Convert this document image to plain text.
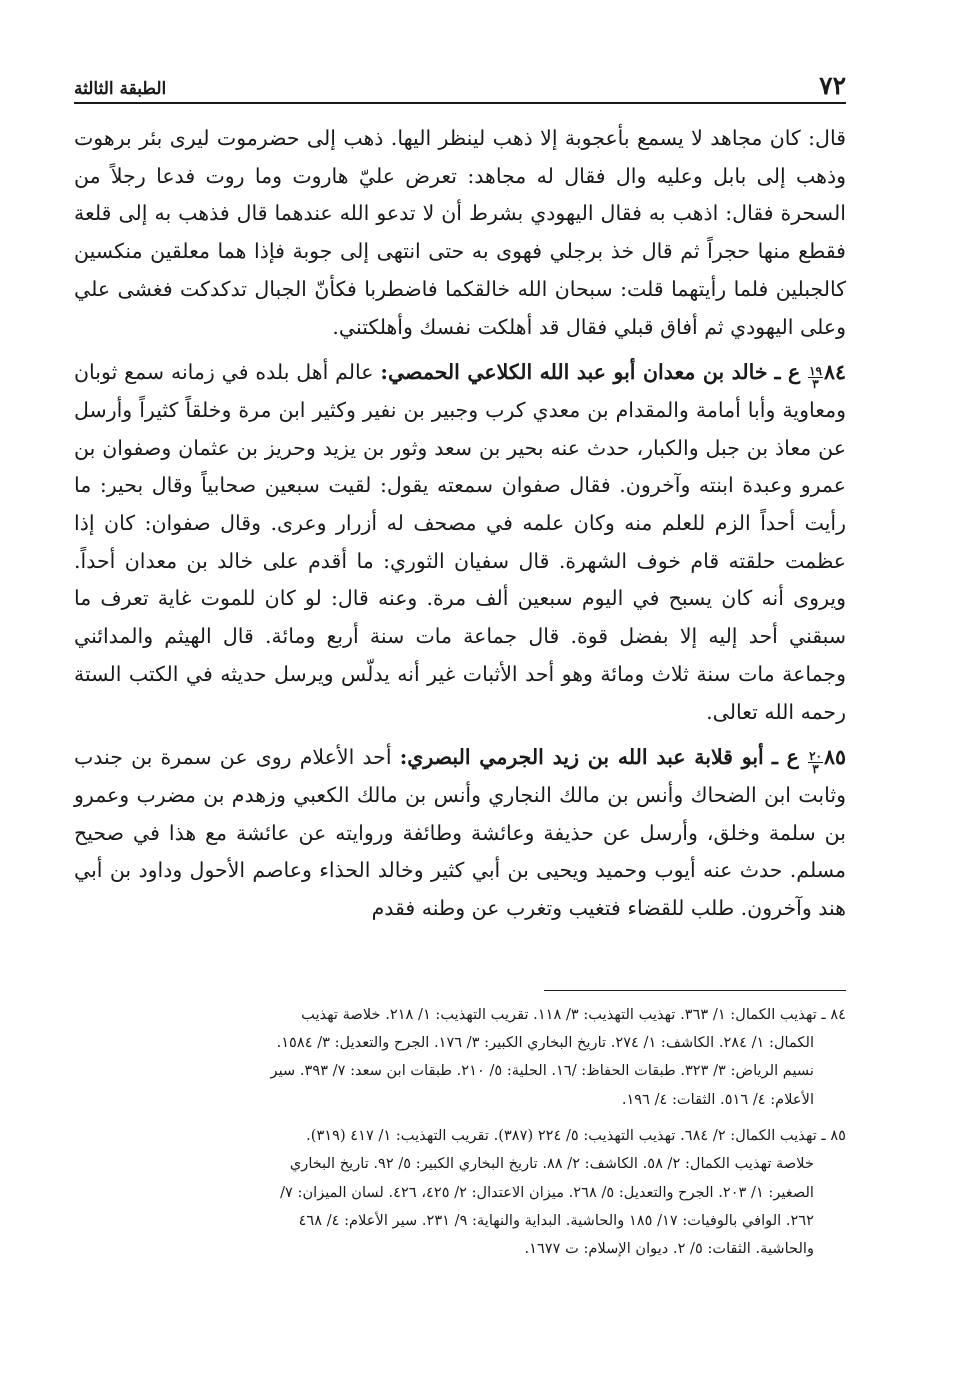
٧٢
الطبقة الثالثة

قال: كان مجاهد لا يسمع بأعجوبة إلا ذهب لينظر اليها. ذهب إلى حضرموت ليرى بئر برهوت وذهب إلى بابل وعليه وال فقال له مجاهد: تعرض عليّ هاروت وما روت فدعا رجلاً من السحرة فقال: اذهب به فقال اليهودي بشرط أن لا تدعو الله عندهما قال فذهب به إلى قلعة فقطع منها حجراً ثم قال خذ برجلي فهوى به حتى انتهى إلى جوبة فإذا هما معلقين منكسين كالجبلين فلما رأيتهما قلت: سبحان الله خالقكما فاضطربا فكأنّ الجبال تدكدكت فغشى علي وعلى اليهودي ثم أفاق قبلي فقال قد أهلكت نفسك وأهلكتني.

٨٤
$\frac{١٩}{٣}$
ع ـ خالد بن معدان أبو عبد الله الكلاعي الحمصي: عالم أهل بلده في زمانه سمع ثوبان ومعاوية وأبا أمامة والمقدام بن معدي كرب وجبير بن نفير وكثير ابن مرة وخلقاً كثيراً وأرسل عن معاذ بن جبل والكبار، حدث عنه بحير بن سعد وثور بن يزيد وحريز بن عثمان وصفوان بن عمرو وعبدة ابنته وآخرون. فقال صفوان سمعته يقول: لقيت سبعين صحابياً وقال بحير: ما رأيت أحداً الزم للعلم منه وكان علمه في مصحف له أزرار وعرى. وقال صفوان: كان إذا عظمت حلقته قام خوف الشهرة. قال سفيان الثوري: ما أقدم على خالد بن معدان أحداً. ويروى أنه كان يسبح في اليوم سبعين ألف مرة. وعنه قال: لو كان للموت غاية تعرف ما سبقني أحد إليه إلا بفضل قوة. قال جماعة مات سنة أربع ومائة. قال الهيثم والمدائني وجماعة مات سنة ثلاث ومائة وهو أحد الأثبات غير أنه يدلّس ويرسل حديثه في الكتب الستة رحمه الله تعالى.

٨٥
$\frac{٢٠}{٣}$
ع ـ أبو قلابة عبد الله بن زيد الجرمي البصري: أحد الأعلام روى عن سمرة بن جندب وثابت ابن الضحاك وأنس بن مالك النجاري وأنس بن مالك الكعبي وزهدم بن مضرب وعمرو بن سلمة وخلق، وأرسل عن حذيفة وعائشة وطائفة وروايته عن عائشة مع هذا في صحيح مسلم. حدث عنه أيوب وحميد ويحيى بن أبي كثير وخالد الحذاء وعاصم الأحول وداود بن أبي هند وآخرون. طلب للقضاء فتغيب وتغرب عن وطنه فقدم

٨٤ ـ تهذيب الكمال: ١/ ٣٦٣. تهذيب التهذيب: ٣/ ١١٨. تقريب التهذيب: ١/ ٢١٨. خلاصة تهذيب
الكمال: ١/ ٢٨٤. الكاشف: ١/ ٢٧٤. تاريخ البخاري الكبير: ٣/ ١٧٦. الجرح والتعديل: ٣/ ١٥٨٤.
نسيم الرياض: ٣/ ٣٢٣. طبقات الحفاظ: /١٦. الحلية: ٥/ ٢١٠. طبقات ابن سعد: ٧/ ٣٩٣. سير
الأعلام: ٤/ ٥١٦. الثقات: ٤/ ١٩٦.

٨٥ ـ تهذيب الكمال: ٢/ ٦٨٤. تهذيب التهذيب: ٥/ ٢٢٤ (٣٨٧). تقريب التهذيب: ١/ ٤١٧ (٣١٩).
خلاصة تهذيب الكمال: ٢/ ٥٨. الكاشف: ٢/ ٨٨. تاريخ البخاري الكبير: ٥/ ٩٢. تاريخ البخاري
الصغير: ١/ ٢٠٣. الجرح والتعديل: ٥/ ٢٦٨. ميزان الاعتدال: ٢/ ٤٢٥، ٤٢٦. لسان الميزان: ٧/
٢٦٢. الوافي بالوفيات: ١٧/ ١٨٥ والحاشية. البداية والنهاية: ٩/ ٢٣١. سير الأعلام: ٤/ ٤٦٨
والحاشية. الثقات: ٥/ ٢. ديوان الإسلام: ت ١٦٧٧.
